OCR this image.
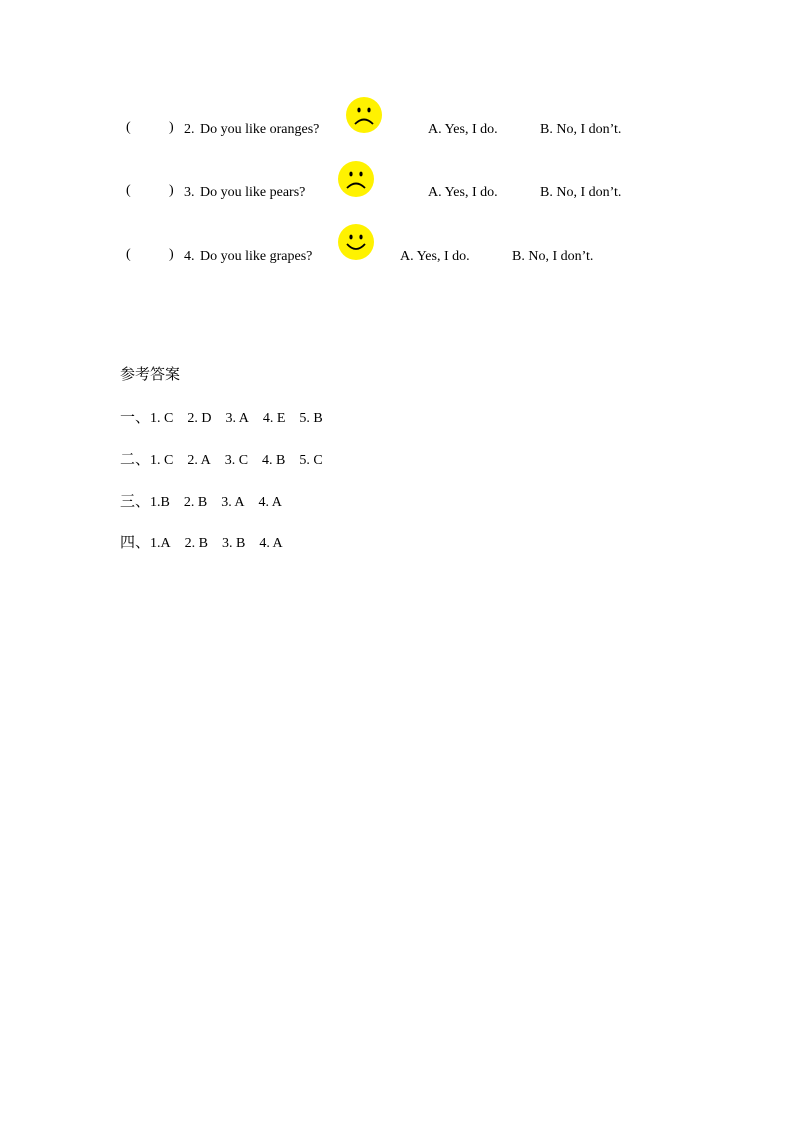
(	) 2. Do you like oranges?	A. Yes, I do.	B. No, I don’t.
(	) 3. Do you like pears?	A. Yes, I do.	B. No, I don’t.
(	) 4. Do you like grapes?	A. Yes, I do.	B. No, I don’t.
参考答案
一、1. C 2. D 3. A 4. E 5. B
二、1. C 2. A 3. C 4. B 5. C
三、1.B 2. B 3. A 4. A
四、1.A 2. B 3. B 4. A
